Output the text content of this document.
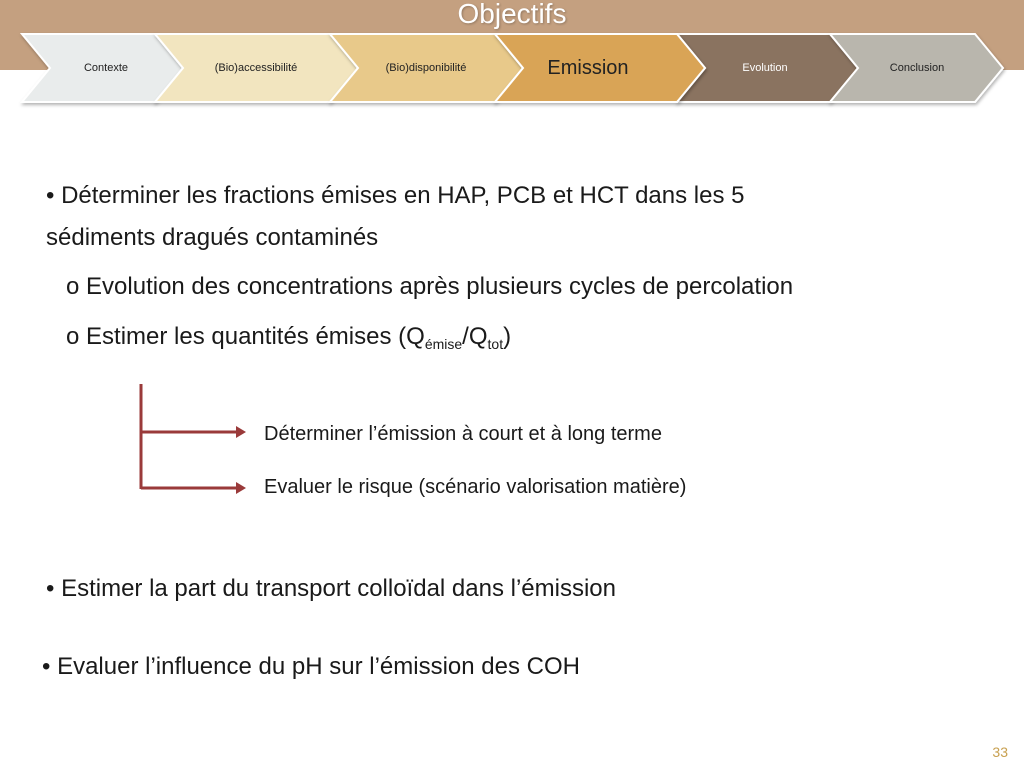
Objectifs
Contexte	(Bio)accessibilité	(Bio)disponibilité	Emission	Evolution	Conclusion
• Déterminer les fractions émises en HAP, PCB et HCT dans les 5
sédiments dragués contaminés
o Evolution des concentrations après plusieurs cycles de percolation
o Estimer les quantités émises $(Q_{émise}/Q_{tot})$
Déterminer l’émission à court et à long terme
Evaluer le risque (scénario valorisation matière)
• Estimer la part du transport colloïdal dans l’émission
• Evaluer l’influence du pH sur l’émission des COH
33
